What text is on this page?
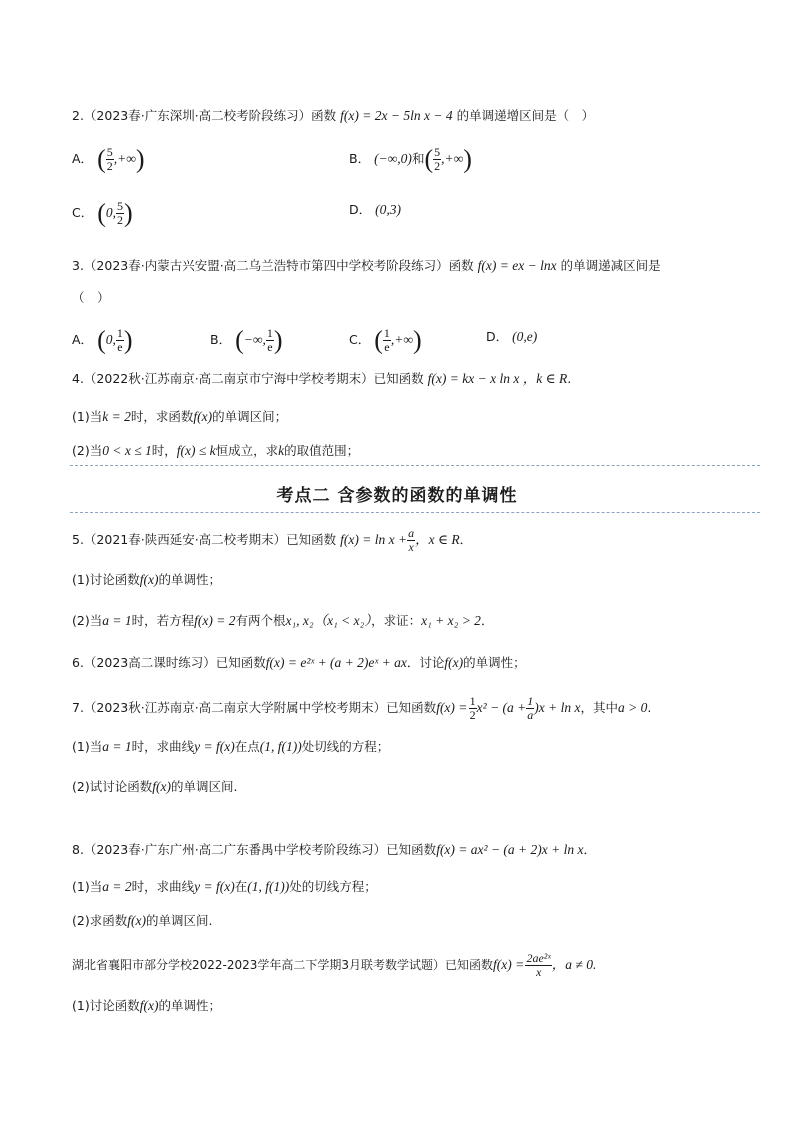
2.（2023春·广东深圳·高二校考阶段练习）函数 f(x) = 2x − 5ln x − 4 的单调递增区间是（　）
A． ( $\frac{5}{2}$ ,+∞)	B． (−∞,0)和( $\frac{5}{2}$ ,+∞)
C． (0, $\frac{5}{2}$ )	D． (0,3)
3.（2023春·内蒙古兴安盟·高二乌兰浩特市第四中学校考阶段练习）函数 f(x) = ex − lnx 的单调递减区间是
（　）
A． (0, $\frac{1}{e}$ )	B． (−∞, $\frac{1}{e}$ )	C． ( $\frac{1}{e}$ ,+∞)	D． (0,e)
4.（2022秋·江苏南京·高二南京市宁海中学校考期末）已知函数 f(x) = kx − x ln x ，k ∈ R.
(1)当k = 2时，求函数f(x)的单调区间；
(2)当0 < x ≤ 1时，f(x) ≤ k恒成立，求k的取值范围；
考点二 含参数的函数的单调性
5.（2021春·陕西延安·高二校考期末）已知函数 $f(x) = \ln x + \frac{a}{x}$ ，x ∈ R．
(1)讨论函数f(x)的单调性；
(2)当a = 1时，若方程f(x) = 2有两个根x₁, x₂（x₁ < x₂），求证：x₁ + x₂ > 2．
6.（2023高二课时练习）已知函数f(x) = e²ˣ + (a + 2)eˣ + ax．讨论f(x)的单调性；
7.（2023秋·江苏南京·高二南京大学附属中学校考期末）已知函数f(x) =  $\frac{1}{2} x^2 - (a + \frac{1}{a} )x + \ln x$，其中a > 0.
(1)当a = 1时，求曲线y = f(x)在点(1, f(1))处切线的方程；
(2)试讨论函数f(x)的单调区间.
8.（2023春·广东广州·高二广东番禺中学校考阶段练习）已知函数f(x) = ax² − (a + 2)x + ln x．
(1)当a = 2时，求曲线y = f(x)在(1, f(1))处的切线方程；
(2)求函数f(x)的单调区间.
湖北省襄阳市部分学校2022-2023学年高二下学期3月联考数学试题）已知函数f(x) =  $\frac{\text{2ae²ˣ}}{x}$ ，a ≠ 0.
(1)讨论函数f(x)的单调性；
